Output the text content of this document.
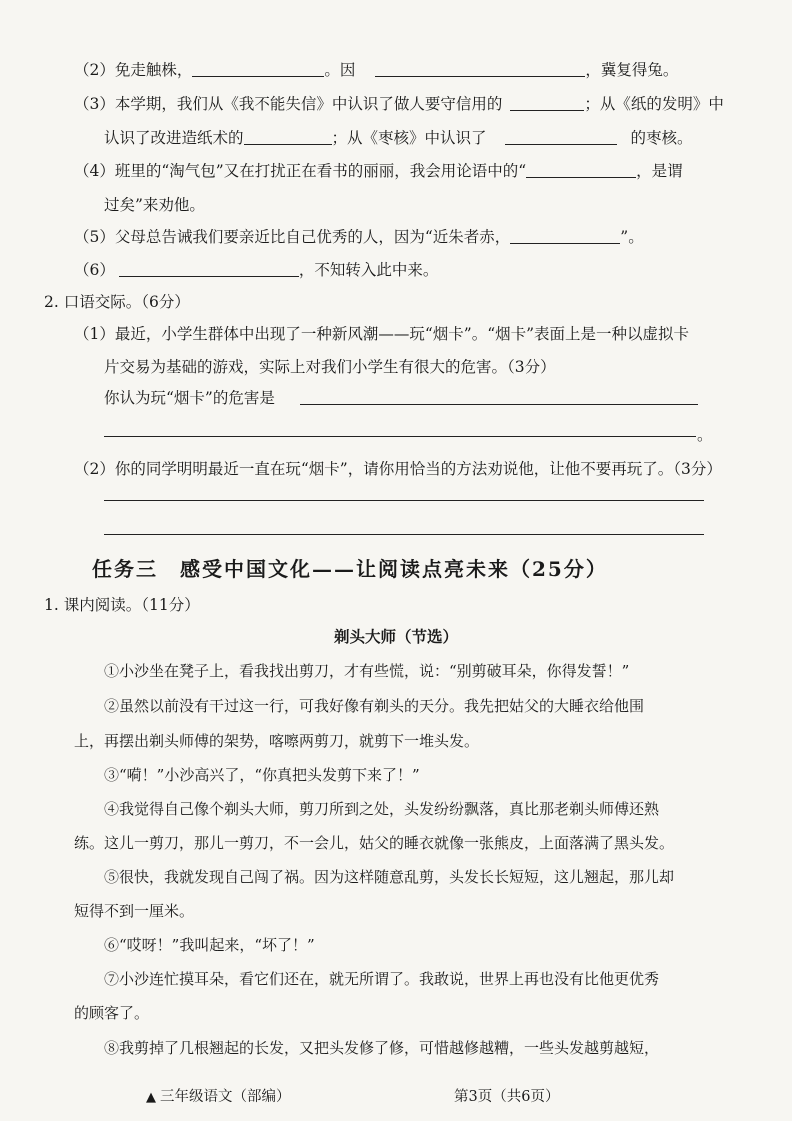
（2）免走触株，	。因	，冀复得兔。
（3）本学期，我们从《我不能失信》中认识了做人要守信用的	；从《纸的发明》中
认识了改进造纸术的	；从《枣核》中认识了	的枣核。
（4）班里的“淘气包”又在打扰正在看书的丽丽，我会用论语中的“	，是谓
过矣”来劝他。
（5）父母总告诫我们要亲近比自己优秀的人，因为“近朱者赤，	”。
（6）	，不知转入此中来。
2. 口语交际。（6分）
（1）最近，小学生群体中出现了一种新风潮——玩“烟卡”。“烟卡”表面上是一种以虚拟卡
片交易为基础的游戏，实际上对我们小学生有很大的危害。（3分）
你认为玩“烟卡”的危害是
。
（2）你的同学明明最近一直在玩“烟卡”，请你用恰当的方法劝说他，让他不要再玩了。（3分）
任务三　感受中国文化——让阅读点亮未来（25分）
1. 课内阅读。（11分）
剃头大师（节选）
①小沙坐在凳子上，看我找出剪刀，才有些慌，说：“别剪破耳朵，你得发誓！”
②虽然以前没有干过这一行，可我好像有剃头的天分。我先把姑父的大睡衣给他围
上，再摆出剃头师傅的架势，喀嚓两剪刀，就剪下一堆头发。
③“嗬！”小沙高兴了，“你真把头发剪下来了！”
④我觉得自己像个剃头大师，剪刀所到之处，头发纷纷飘落，真比那老剃头师傅还熟
练。这儿一剪刀，那儿一剪刀，不一会儿，姑父的睡衣就像一张熊皮，上面落满了黑头发。
⑤很快，我就发现自己闯了祸。因为这样随意乱剪，头发长长短短，这儿翘起，那儿却
短得不到一厘米。
⑥“哎呀！”我叫起来，“坏了！”
⑦小沙连忙摸耳朵，看它们还在，就无所谓了。我敢说，世界上再也没有比他更优秀
的顾客了。
⑧我剪掉了几根翘起的长发，又把头发修了修，可惜越修越糟，一些头发越剪越短，
▲ 三年级语文（部编）	第3页（共6页）
